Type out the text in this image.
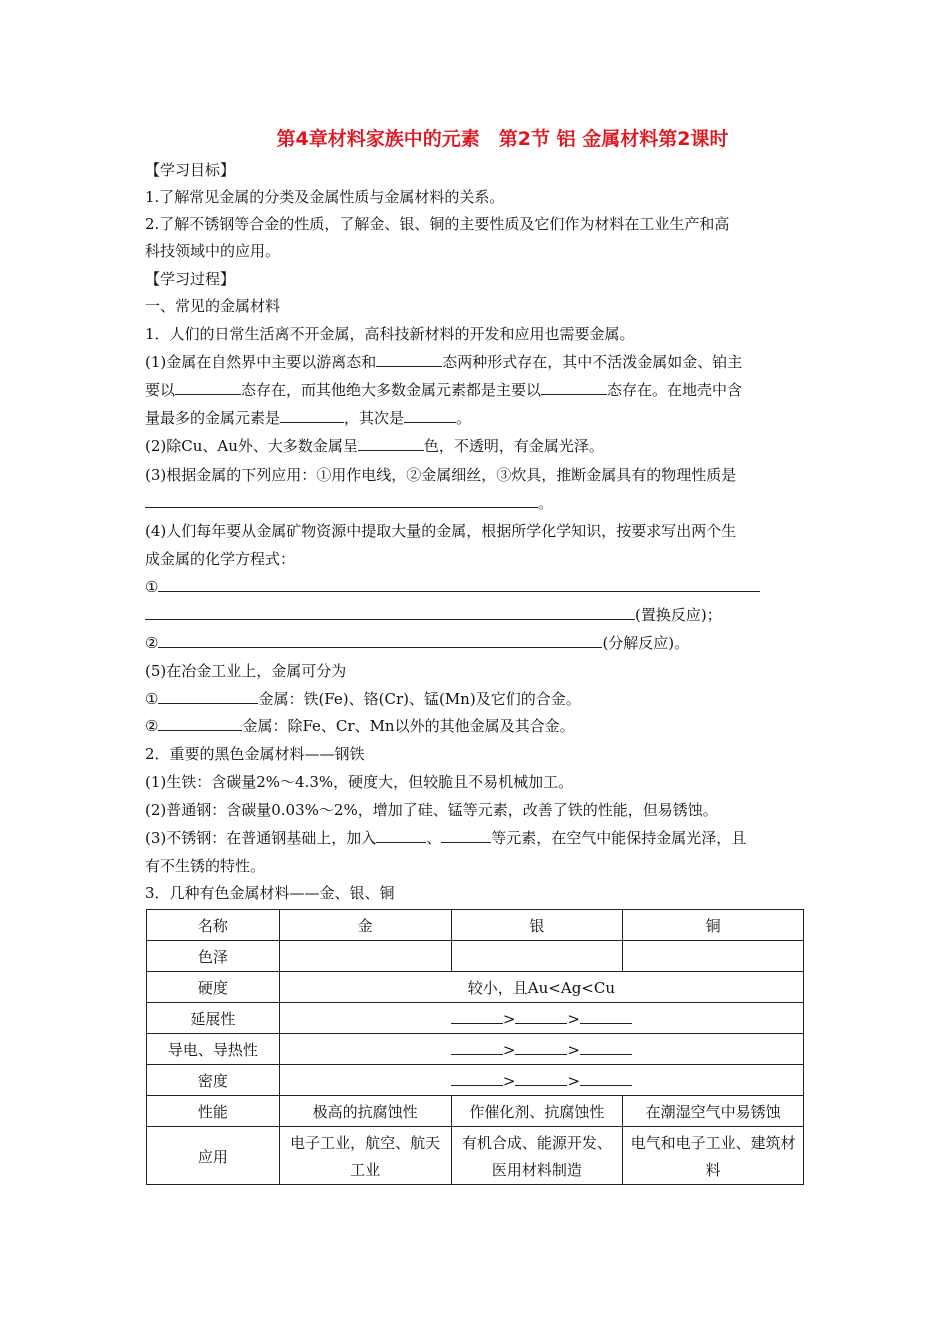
第4章材料家族中的元素　第2节 铝 金属材料第2课时
【学习目标】
1.了解常见金属的分类及金属性质与金属材料的关系。
2.了解不锈钢等合金的性质，了解金、银、铜的主要性质及它们作为材料在工业生产和高
科技领域中的应用。
【学习过程】
一、常见的金属材料
1．人们的日常生活离不开金属，高科技新材料的开发和应用也需要金属。
(1)金属在自然界中主要以游离态和	态两种形式存在，其中不活泼金属如金、铂主
要以	态存在，而其他绝大多数金属元素都是主要以	态存在。在地壳中含
量最多的金属元素是	，其次是	。
(2)除Cu、Au外、大多数金属呈	色，不透明，有金属光泽。
(3)根据金属的下列应用：①用作电线，②金属细丝，③炊具，推断金属具有的物理性质是
。
(4)人们每年要从金属矿物资源中提取大量的金属，根据所学化学知识，按要求写出两个生
成金属的化学方程式：
①
(置换反应)；
②	(分解反应)。
(5)在冶金工业上，金属可分为
①	金属：铁(Fe)、铬(Cr)、锰(Mn)及它们的合金。
②	金属：除Fe、Cr、Mn以外的其他金属及其合金。
2．重要的黑色金属材料——钢铁
(1)生铁：含碳量2%～4.3%，硬度大，但较脆且不易机械加工。
(2)普通钢：含碳量0.03%～2%，增加了硅、锰等元素，改善了铁的性能，但易锈蚀。
(3)不锈钢：在普通钢基础上，加入	、	等元素，在空气中能保持金属光泽，且
有不生锈的特性。
3．几种有色金属材料——金、银、铜
名称	金	银	铜
色泽			
硬度	较小，且Au<Ag<Cu		
延展性	> >		
导电、导热性	> >		
密度	> >		
性能	极高的抗腐蚀性	作催化剂、抗腐蚀性	在潮湿空气中易锈蚀
应用	电子工业，航空、航天工业	有机合成、能源开发、医用材料制造	电气和电子工业、建筑材料
